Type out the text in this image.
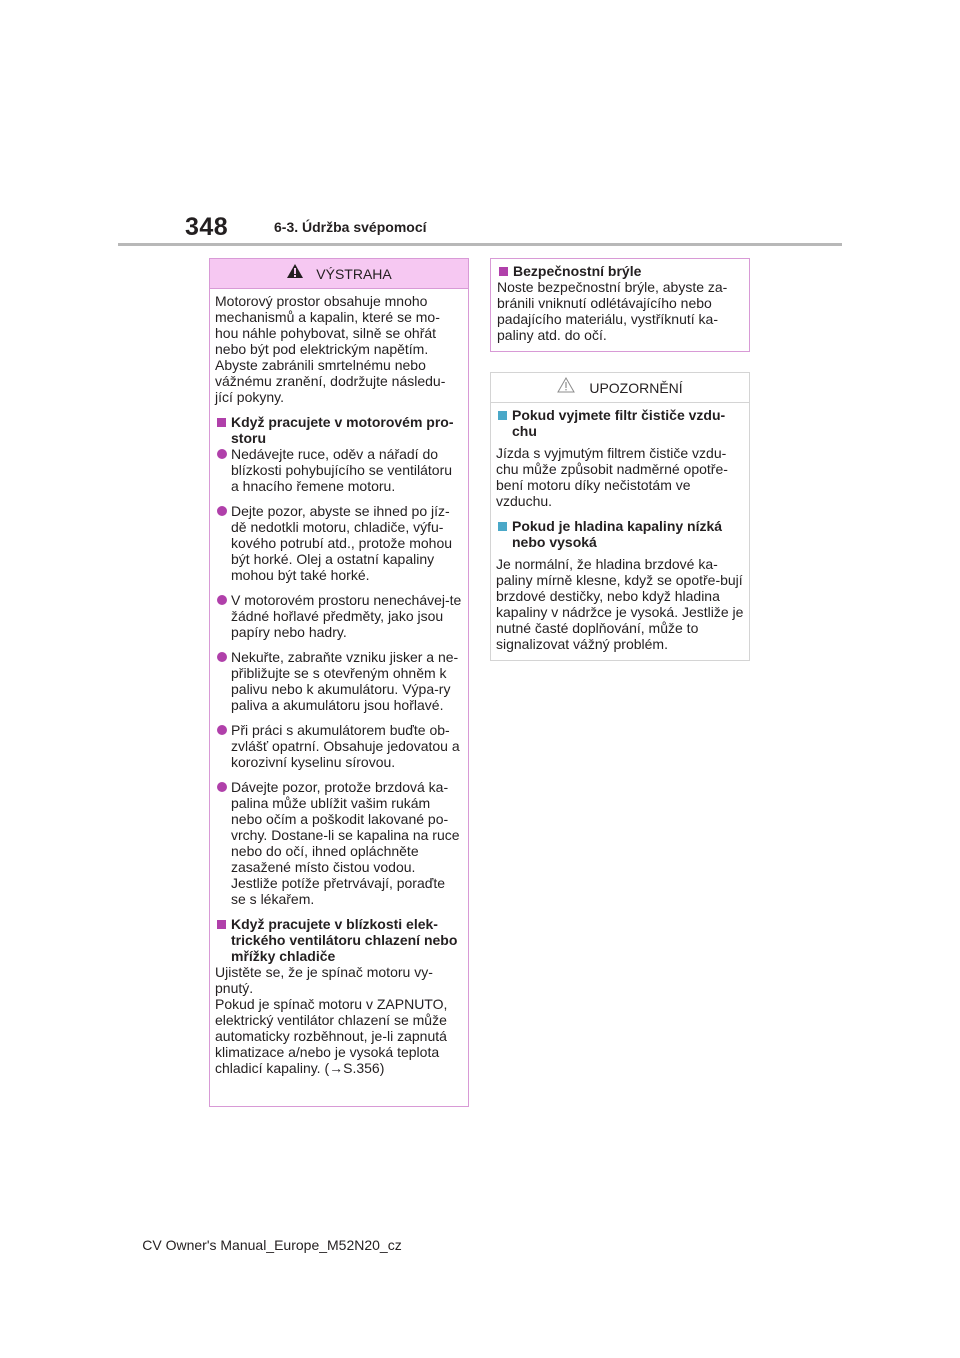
348	6-3. Údržba svépomocí
VÝSTRAHA

Motorový prostor obsahuje mnoho mechanismů a kapalin, které se mo-hou náhle pohybovat, silně se ohřát nebo být pod elektrickým napětím. Abyste zabránili smrtelnému nebo vážnému zranění, dodržujte následu-jící pokyny.

Když pracujete v motorovém pro-storu
Nedávejte ruce, oděv a nářadí do blízkosti pohybujícího se ventilátoru a hnacího řemene motoru.
Dejte pozor, abyste se ihned po jíz-dě nedotkli motoru, chladiče, výfu-kového potrubí atd., protože mohou být horké. Olej a ostatní kapaliny mohou být také horké.
V motorovém prostoru nenechávej-te žádné hořlavé předměty, jako jsou papíry nebo hadry.
Nekuřte, zabraňte vzniku jisker a ne-přibližujte se s otevřeným ohněm k palivu nebo k akumulátoru. Výpa-ry paliva a akumulátoru jsou hořlavé.
Při práci s akumulátorem buďte ob-zvlášť opatrní. Obsahuje jedovatou a korozivní kyselinu sírovou.
Dávejte pozor, protože brzdová ka-palina může ublížit vašim rukám nebo očím a poškodit lakované po-vrchy. Dostane-li se kapalina na ruce nebo do očí, ihned opláchněte zasažené místo čistou vodou. Jestliže potíže přetrvávají, poraďte se s lékařem.
Když pracujete v blízkosti elek-trického ventilátoru chlazení nebo mřížky chladiče

Ujistěte se, že je spínač motoru vy-pnutý.

Pokud je spínač motoru v ZAPNUTO, elektrický ventilátor chlazení se může automaticky rozběhnout, je-li zapnutá klimatizace a/nebo je vysoká teplota chladicí kapaliny. (→S.356)

Bezpečnostní brýle

Noste bezpečnostní brýle, abyste za-bránili vniknutí odlétávajícího nebo padajícího materiálu, vystříknutí ka-paliny atd. do očí.

UPOZORNĚNÍ
Pokud vyjmete filtr čističe vzdu-chu

Jízda s vyjmutým filtrem čističe vzdu-chu může způsobit nadměrné opotře-bení motoru díky nečistotám ve vzduchu.

Pokud je hladina kapaliny nízká nebo vysoká

Je normální, že hladina brzdové ka-paliny mírně klesne, když se opotře-bují brzdové destičky, nebo když hladina kapaliny v nádržce je vysoká. Jestliže je nutné časté doplňování, může to signalizovat vážný problém.

CV Owner's Manual_Europe_M52N20_cz
